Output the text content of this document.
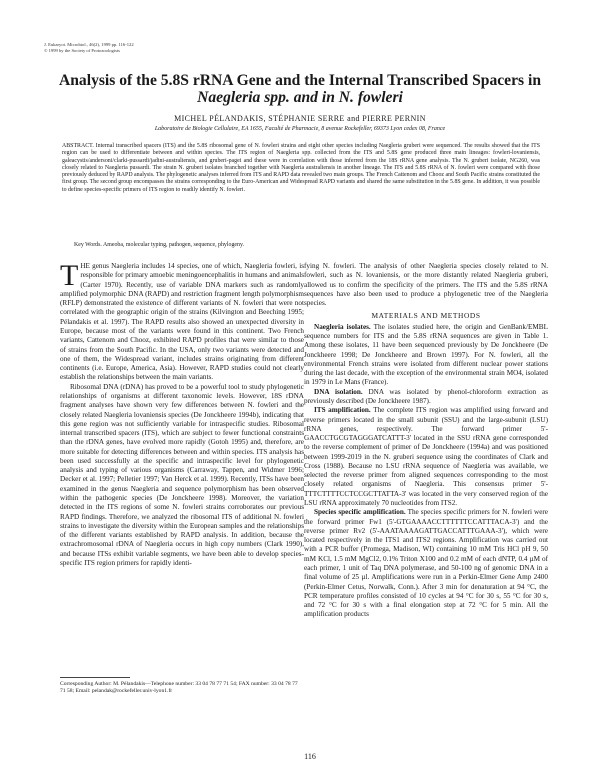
J. Eukaryot. Microbiol., 46(2), 1999 pp. 116-122
© 1999 by the Society of Protozoologists
Analysis of the 5.8S rRNA Gene and the Internal Transcribed Spacers in
Naegleria spp. and in N. fowleri
MICHEL PÉLANDAKIS, STÉPHANIE SERRE and PIERRE PERNIN
Laboratoire de Biologie Cellulaire, EA 1655, Faculté de Pharmacie, 8 avenue Rockefeller, 69373 Lyon cedex 08, France
ABSTRACT. Internal transcribed spacers (ITS) and the 5.8S ribosomal gene of N. fowleri strains and eight other species including Naegleria gruberi were sequenced. The results showed that the ITS region can be used to differentiate between and within species. The ITS region of Naegleria spp. collected from the ITS and 5.8S gene produced three main lineages: fowleri-lovaniensis, galeacystis/andersoni/clarki-pussardi/jadini-australiensis, and gruberi-pagei and these were in correlation with those inferred from the 18S rRNA gene analysis. The N. gruberi isolate, NG260, was closely related to Naegleria pussardi. The strain N. gruberi isolates branched together with Naegleria australiensis in another lineage. The ITS and 5.8S rRNA of N. fowleri were compared with those previously deduced by RAPD analysis. The phylogenetic analyses inferred from ITS and RAPD data revealed two main groups. The French Cattenom and Chooz and South Pacific strains constituted the first group. The second group encompasses the strains corresponding to the Euro-American and Widespread RAPD variants and shared the same substitution in the 5.8S gene. In addition, it was possible to define species-specific primers of ITS region to readily identify N. fowleri.
Key Words. Ameoba, molecular typing, pathogen, sequence, phylogeny.

THE genus Naegleria includes 14 species, one of which, Naegleria fowleri, is responsible for primary amoebic meningoencephalitis in humans and animals (Carter 1970). Recently, use of variable DNA markers such as randomly amplified polymorphic DNA (RAPD) and restriction fragment length polymorphism (RFLP) demonstrated the existence of different variants of N. fowleri that were not correlated with the geographic origin of the strains (Kilvington and Beeching 1995; Pélandakis et al. 1997). The RAPD results also showed an unexpected diversity in Europe, because most of the variants were found in this continent. Two French variants, Cattenom and Chooz, exhibited RAPD profiles that were similar to those of strains from the South Pacific. In the USA, only two variants were detected and one of them, the Widespread variant, includes strains originating from different continents (i.e. Europe, America, Asia). However, RAPD studies could not clearly establish the relationships between the main variants.

Ribosomal DNA (rDNA) has proved to be a powerful tool to study phylogenetic relationships of organisms at different taxonomic levels. However, 18S rDNA fragment analyses have shown very few differences between N. fowleri and the closely related Naegleria lovaniensis species (De Jonckheere 1994b), indicating that this gene region was not sufficiently variable for intraspecific studies. Ribosomal internal transcribed spacers (ITS), which are subject to fewer functional constraints than the rDNA genes, have evolved more rapidly (Gotoh 1995) and, therefore, are more suitable for detecting differences between and within species. ITS analysis has been used successfully at the specific and intraspecific level for phylogenetic analysis and typing of various organisms (Carraway, Tappen, and Widmer 1996; Decker et al. 1997; Pelletier 1997; Van Herck et al. 1999). Recently, ITSs have been examined in the genus Naegleria and sequence polymorphism has been observed within the pathogenic species (De Jonckheere 1998). Moreover, the variation detected in the ITS regions of some N. fowleri strains corroborates our previous RAPD findings. Therefore, we analyzed the ribosomal ITS of additional N. fowleri strains to investigate the diversity within the European samples and the relationships of the different variants established by RAPD analysis. In addition, because the extrachromosomal rDNA of Naegleria occurs in high copy numbers (Clark 1990), and because ITSs exhibit variable segments, we have been able to develop species-specific ITS region primers for rapidly identi-

fying N. fowleri. The analysis of other Naegleria species closely related to N. fowleri, such as N. lovaniensis, or the more distantly related Naegleria gruberi, allowed us to confirm the specificity of the primers. The ITS and the 5.8S rRNA sequences have also been used to produce a phylogenetic tree of the Naegleria species.

MATERIALS AND METHODS

Naegleria isolates. The isolates studied here, the origin and GenBank/EMBL sequence numbers for ITS and the 5.8S rRNA sequences are given in Table 1. Among these isolates, 11 have been sequenced previously by De Jonckheere (De Jonckheere 1998; De Jonckheere and Brown 1997). For N. fowleri, all the environmental French strains were isolated from different nuclear power stations during the last decade, with the exception of the environmental strain MO4, isolated in 1979 in Le Mans (France).

DNA isolation. DNA was isolated by phenol-chloroform extraction as previously described (De Jonckheere 1987).

ITS amplification. The complete ITS region was amplified using forward and reverse primers located in the small subunit (SSU) and the large-subunit (LSU) rRNA genes, respectively. The forward primer 5'-GAACCTGCGTAGGGATCATTT-3' located in the SSU rRNA gene corresponded to the reverse complement of primer of De Jonckheere (1994a) and was positioned between 1999-2019 in the N. gruberi sequence using the coordinates of Clark and Cross (1988). Because no LSU rRNA sequence of Naegleria was available, we selected the reverse primer from aligned sequences corresponding to the most closely related organisms of Naegleria. This consensus primer 5'-TTTCTTTTCCTCCGCTTATTA-3' was located in the very conserved region of the LSU rRNA approximately 70 nucleotides from ITS2.

Species specific amplification. The species specific primers for N. fowleri were the forward primer Fw1 (5'-GTGAAAACCTTTTTTCCATTTACA-3') and the reverse primer Rv2 (5'-AAATAAAAGATTGACCATTTGAAA-3'), which were located respectively in the ITS1 and ITS2 regions. Amplification was carried out with a PCR buffer (Promega, Madison, WI) containing 10 mM Tris HCl pH 9, 50 mM KCl, 1.5 mM MgCl2, 0.1% Triton X100 and 0.2 mM of each dNTP, 0.4 µM of each primer, 1 unit of Taq DNA polymerase, and 50-100 ng of genomic DNA in a final volume of 25 µl. Amplifications were run in a Perkin-Elmer Gene Amp 2400 (Perkin-Elmer Cetus, Norwalk, Conn.). After 3 min for denaturation at 94 °C, the PCR temperature profiles consisted of 10 cycles at 94 °C for 30 s, 55 °C for 30 s, and 72 °C for 30 s with a final elongation step at 72 °C for 5 min. All the amplification products

Corresponding Author: M. Pélandakis—Telephone number: 33 04 78 77 71 54; FAX number: 33 04 78 77 71 58; Email: pelandak@rockefeller.univ-lyon1.fr
116
